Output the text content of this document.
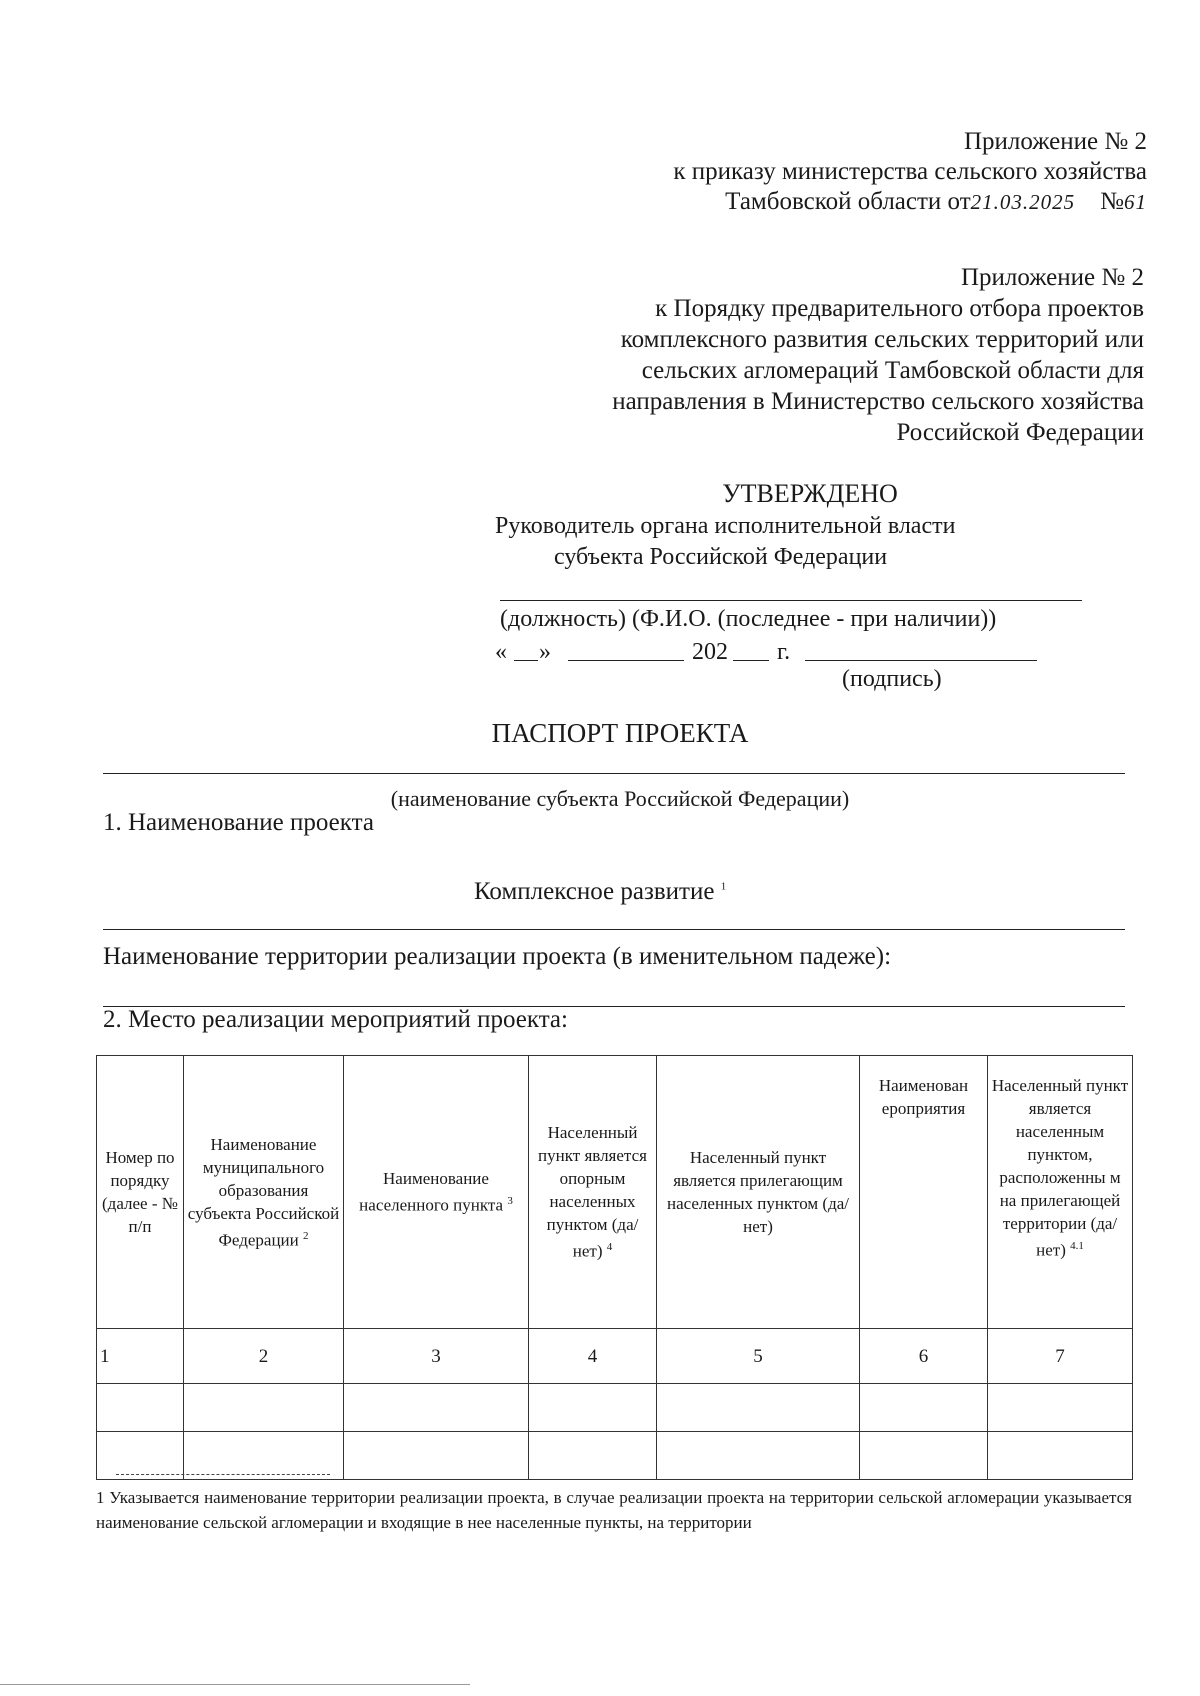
Приложение № 2
к приказу министерства сельского хозяйства
Тамбовской области от21.03.2025 №61
Приложение № 2
к Порядку предварительного отбора проектов
комплексного развития сельских территорий или
сельских агломераций Тамбовской области для
направления в Министерство сельского хозяйства
Российской Федерации
УТВЕРЖДЕНО
Руководитель органа исполнительной власти
субъекта Российской Федерации
(должность) (Ф.И.О. (последнее - при наличии))
« »	202 г.
(подпись)
ПАСПОРТ ПРОЕКТА
(наименование субъекта Российской Федерации)
1. Наименование проекта
Комплексное развитие $^1$
Наименование территории реализации проекта (в именительном падеже):
2. Место реализации мероприятий проекта:
Номер по порядку (далее - № п/п	Наименование муниципального образования субъекта Российской Федерации $^2$	Наименование населенного пункта $^3$	Населенный пункт является опорным населенных пунктом (да/нет) $^4$	Населенный пункт является прилегающим населенных пунктом (да/нет)	Наименован ероприятия	Населенный пункт является населенным пунктом, расположенны м на прилегающей территории (да/нет) $^{4.1}$
1	2	3	4	5	6	7

1 Указывается наименование территории реализации проекта, в случае реализации проекта на территории сельской агломерации указывается наименование сельской агломерации и входящие в нее населенные пункты, на территории
